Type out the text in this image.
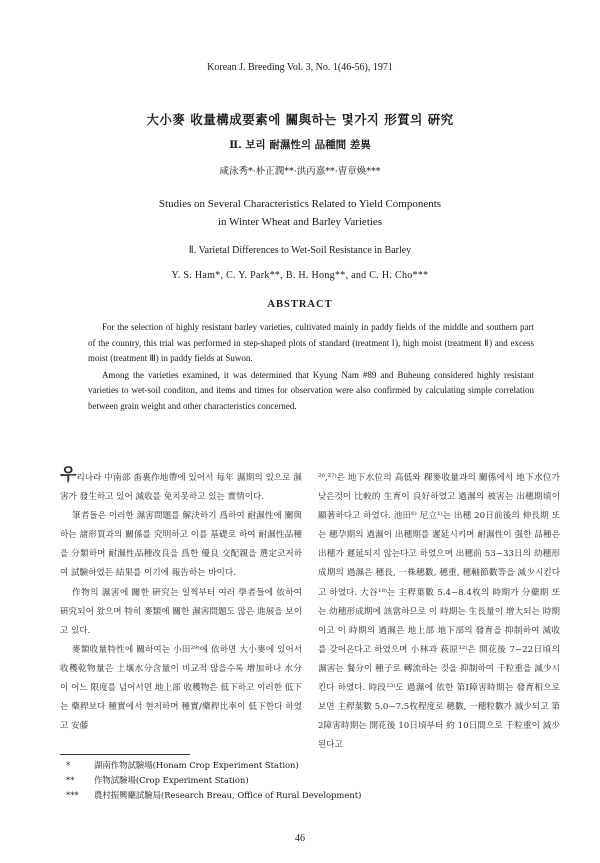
Korean J. Breeding Vol. 3, No. 1(46-56), 1971
大小麥 收量構成要素에 關與하는 몇가지 形質의 硏究
Ⅱ. 보리 耐濕性의 品種間 差異
咸泳秀*·朴正潤**·洪丙憙**·曺章煥***
Studies on Several Characteristics Related to Yield Components
in Winter Wheat and Barley Varieties
Ⅱ. Varietal Differences to Wet-Soil Resistance in Barley
Y. S. Ham*, C. Y. Park**, B. H. Hong**, and C. H. Cho***
ABSTRACT

For the selection of highly resistant barley varieties, cultivated mainly in paddy fields of the middle and southern part of the country, this trial was performed in step-shaped plots of standard (treatment Ⅰ), high moist (treatment Ⅱ) and excess moist (treatment Ⅲ) in paddy fields at Suwon.

Among the varieties examined, it was determined that Kyung Nam #89 and Buheung considered highly resistant varieties to wet-soil conditon, and items and times for observation were also confirmed by calculating simple correlation between grain weight and other characteristics concerned.

우리나라 中南部 畓裏作地帶에 있어서 每年 濕期의 있으로 濕害가 發生하고 있어 減收를 免치못하고 있는 實情이다.

筆者들은 이러한 濕害問題를 解決하기 爲하여 耐濕性에 關與하는 諸形質과의 關係를 究明하고 이를 基礎로 하여 耐濕性品種을 分類하며 耐濕性品種改良을 爲한 優良 交配親을 選定코저하여 試驗하였든 結果를 이기에 報告하는 바이다.

作物의 濕害에 關한 硏究는 일찍부터 여러 學者들에 依하여 硏究되어 왔으며 特히 麥類에 關한 濕害問題도 많은 進展을 보이고 있다.

麥類收量特性에 關하여는 小田²⁹⁾에 依하면 大小麥에 있어서 收穫乾物量은 土壤水分含量이 비교적 많을수록 增加하나 水分이 어느 限度를 넘어서면 地上部 收穫物은 低下하고 이러한 低下는 藥稈보다 種實에서 현저하며 種實/藥稈比率이 低下한다 하였고 安藤

²⁶,²⁷⁾은 地下水位의 高低와 稞麥收量과의 關係에서 地下水位가 낮은것이 比較的 生育이 良好하였고 過濕의 被害는 出穗期頃이 顯著하다고 하였다. 池田⁶⁾ 尼立¹⁾는 出穗 20日前後의 伸長期 또는 穗孕期의 過濕이 出穗期를 遲延시키며 耐濕性이 强한 品種은 出穗가 遲延되지 않는다고 하였으며 出穗前 53~33日의 幼穗形成期의 過濕은 穗長, 一株穗數, 穗重, 穗軸節數等을 減少시킨다고 하였다. 大谷¹⁸⁾는 主稈葉數 5.4~8.4枚의 時期가 分蘗期 또는 幼穗形成期에 該當하므로 이 時期는 生長量이 增大되는 時期이고 이 時期의 過濕은 地上部 地下部의 發育을 抑制하여 減收를 갖어온다고 하였으며 小林과 萩原¹²⁾은 開花後 7~22日頃의 濕害는 餐分이 種子로 轉流하는 것을 抑制하여 千粒重을 減少시킨다 하였다. 時段²³⁾도 過濕에 依한 第Ⅰ障害時期는 發育相으로 보면 主稈葉數 5.0~7.5枚程度로 穗數, 一穗粒數가 減少되고 第2障害時期는 開花後 10日頃부터 約 10日間으로 千粒重이 減少된다고

*	湖南作物試驗場(Honam Crop Experiment Station)
** 作物試驗場(Crop Experiment Station)
*** 農村振興廳試驗局(Research Breau, Office of Rural Development)
46
